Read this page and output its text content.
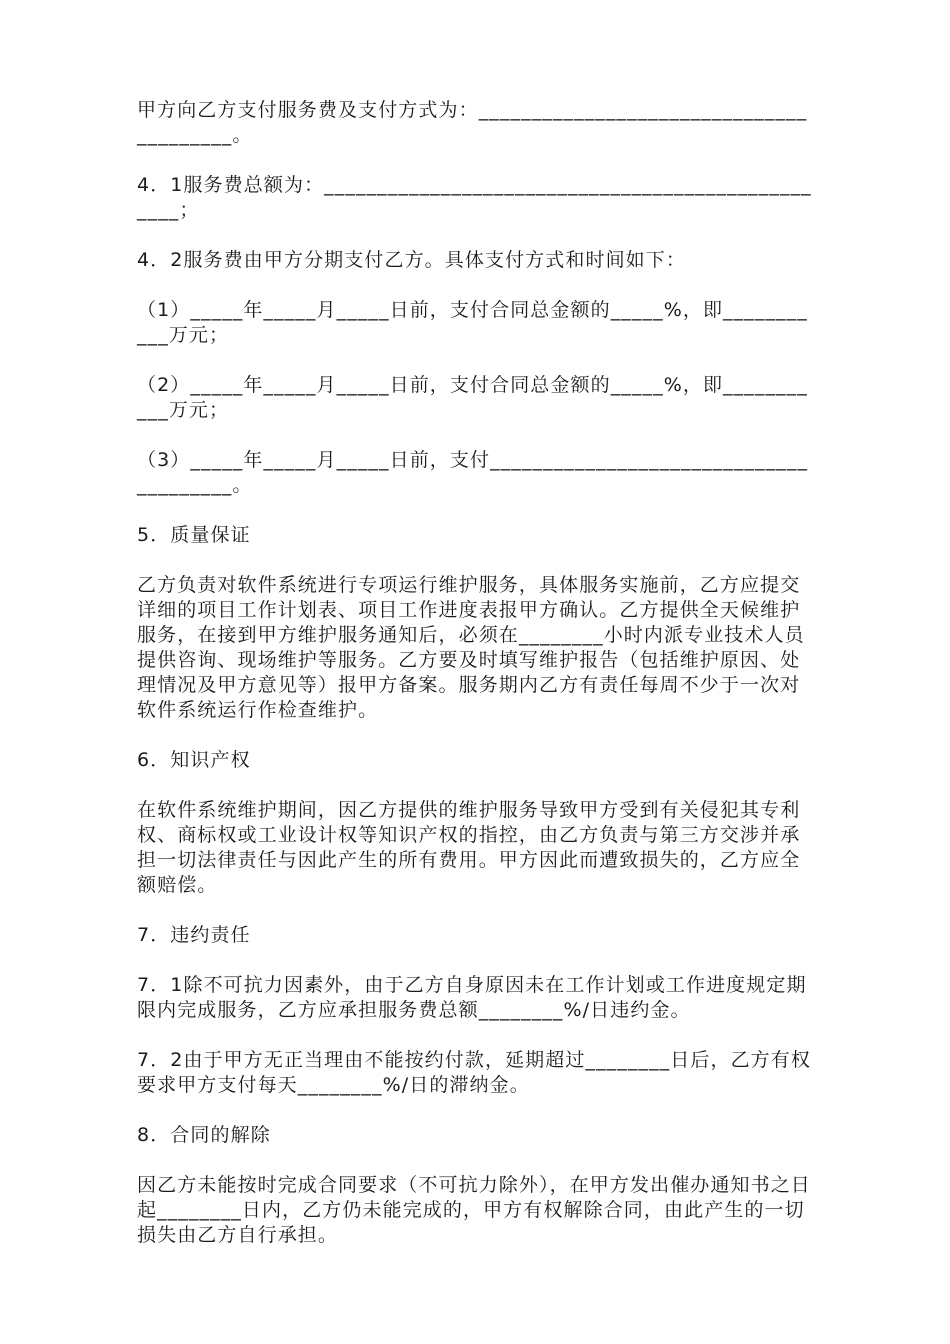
甲方向乙方支付服务费及支付方式为：________________________________________。

4．1服务费总额为：__________________________________________________；

4．2服务费由甲方分期支付乙方。具体支付方式和时间如下：

（1）_____年_____月_____日前，支付合同总金额的_____%，即___________万元；

（2）_____年_____月_____日前，支付合同总金额的_____%，即___________万元；

（3）_____年_____月_____日前，支付_______________________________________。

5．质量保证

乙方负责对软件系统进行专项运行维护服务，具体服务实施前，乙方应提交详细的项目工作计划表、项目工作进度表报甲方确认。乙方提供全天候维护服务，在接到甲方维护服务通知后，必须在________小时内派专业技术人员提供咨询、现场维护等服务。乙方要及时填写维护报告（包括维护原因、处理情况及甲方意见等）报甲方备案。服务期内乙方有责任每周不少于一次对软件系统运行作检查维护。

6．知识产权

在软件系统维护期间，因乙方提供的维护服务导致甲方受到有关侵犯其专利权、商标权或工业设计权等知识产权的指控，由乙方负责与第三方交涉并承担一切法律责任与因此产生的所有费用。甲方因此而遭致损失的，乙方应全额赔偿。

7．违约责任

7．1除不可抗力因素外，由于乙方自身原因未在工作计划或工作进度规定期限内完成服务，乙方应承担服务费总额________%/日违约金。

7．2由于甲方无正当理由不能按约付款，延期超过________日后，乙方有权要求甲方支付每天________%/日的滞纳金。

8．合同的解除

因乙方未能按时完成合同要求（不可抗力除外），在甲方发出催办通知书之日起________日内，乙方仍未能完成的，甲方有权解除合同，由此产生的一切损失由乙方自行承担。
